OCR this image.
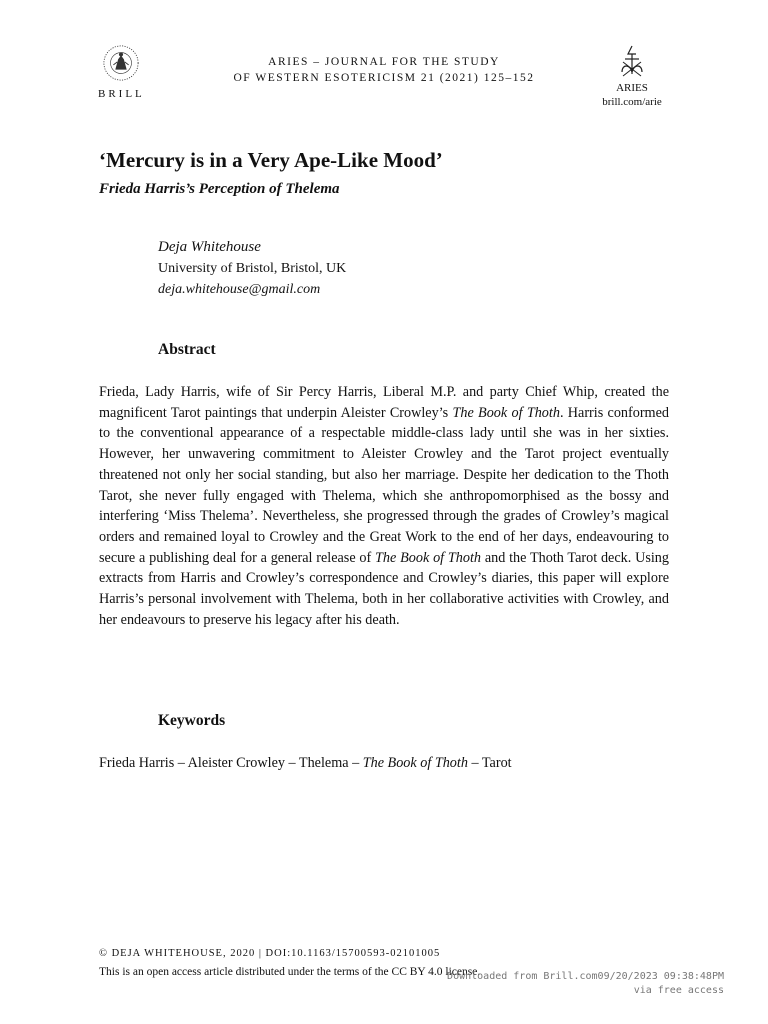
BRILL
ARIES – JOURNAL FOR THE STUDY
OF WESTERN ESOTERICISM 21 (2021) 125–152
ARIES
brill.com/arie
‘Mercury is in a Very Ape-Like Mood’
Frieda Harris’s Perception of Thelema
Deja Whitehouse
University of Bristol, Bristol, UK
deja.whitehouse@gmail.com
Abstract

Frieda, Lady Harris, wife of Sir Percy Harris, Liberal M.P. and party Chief Whip, created the magnificent Tarot paintings that underpin Aleister Crowley’s The Book of Thoth. Harris conformed to the conventional appearance of a respectable middle-class lady until she was in her sixties. However, her unwavering commitment to Aleister Crowley and the Tarot project eventually threatened not only her social standing, but also her marriage. Despite her dedication to the Thoth Tarot, she never fully engaged with Thelema, which she anthropomorphised as the bossy and interfering ‘Miss Thelema’. Nevertheless, she progressed through the grades of Crowley’s magical orders and remained loyal to Crowley and the Great Work to the end of her days, endeavouring to secure a publishing deal for a general release of The Book of Thoth and the Thoth Tarot deck. Using extracts from Harris and Crowley’s correspondence and Crowley’s diaries, this paper will explore Harris’s personal involvement with Thelema, both in her collaborative activities with Crowley, and her endeavours to preserve his legacy after his death.

Keywords

Frieda Harris – Aleister Crowley – Thelema – The Book of Thoth – Tarot

© DEJA WHITEHOUSE, 2020 | DOI:10.1163/15700593-02101005
This is an open access article distributed under the terms of the CC BY 4.0 license.
Downloaded from Brill.com09/20/2023 09:38:48PM
via free access
